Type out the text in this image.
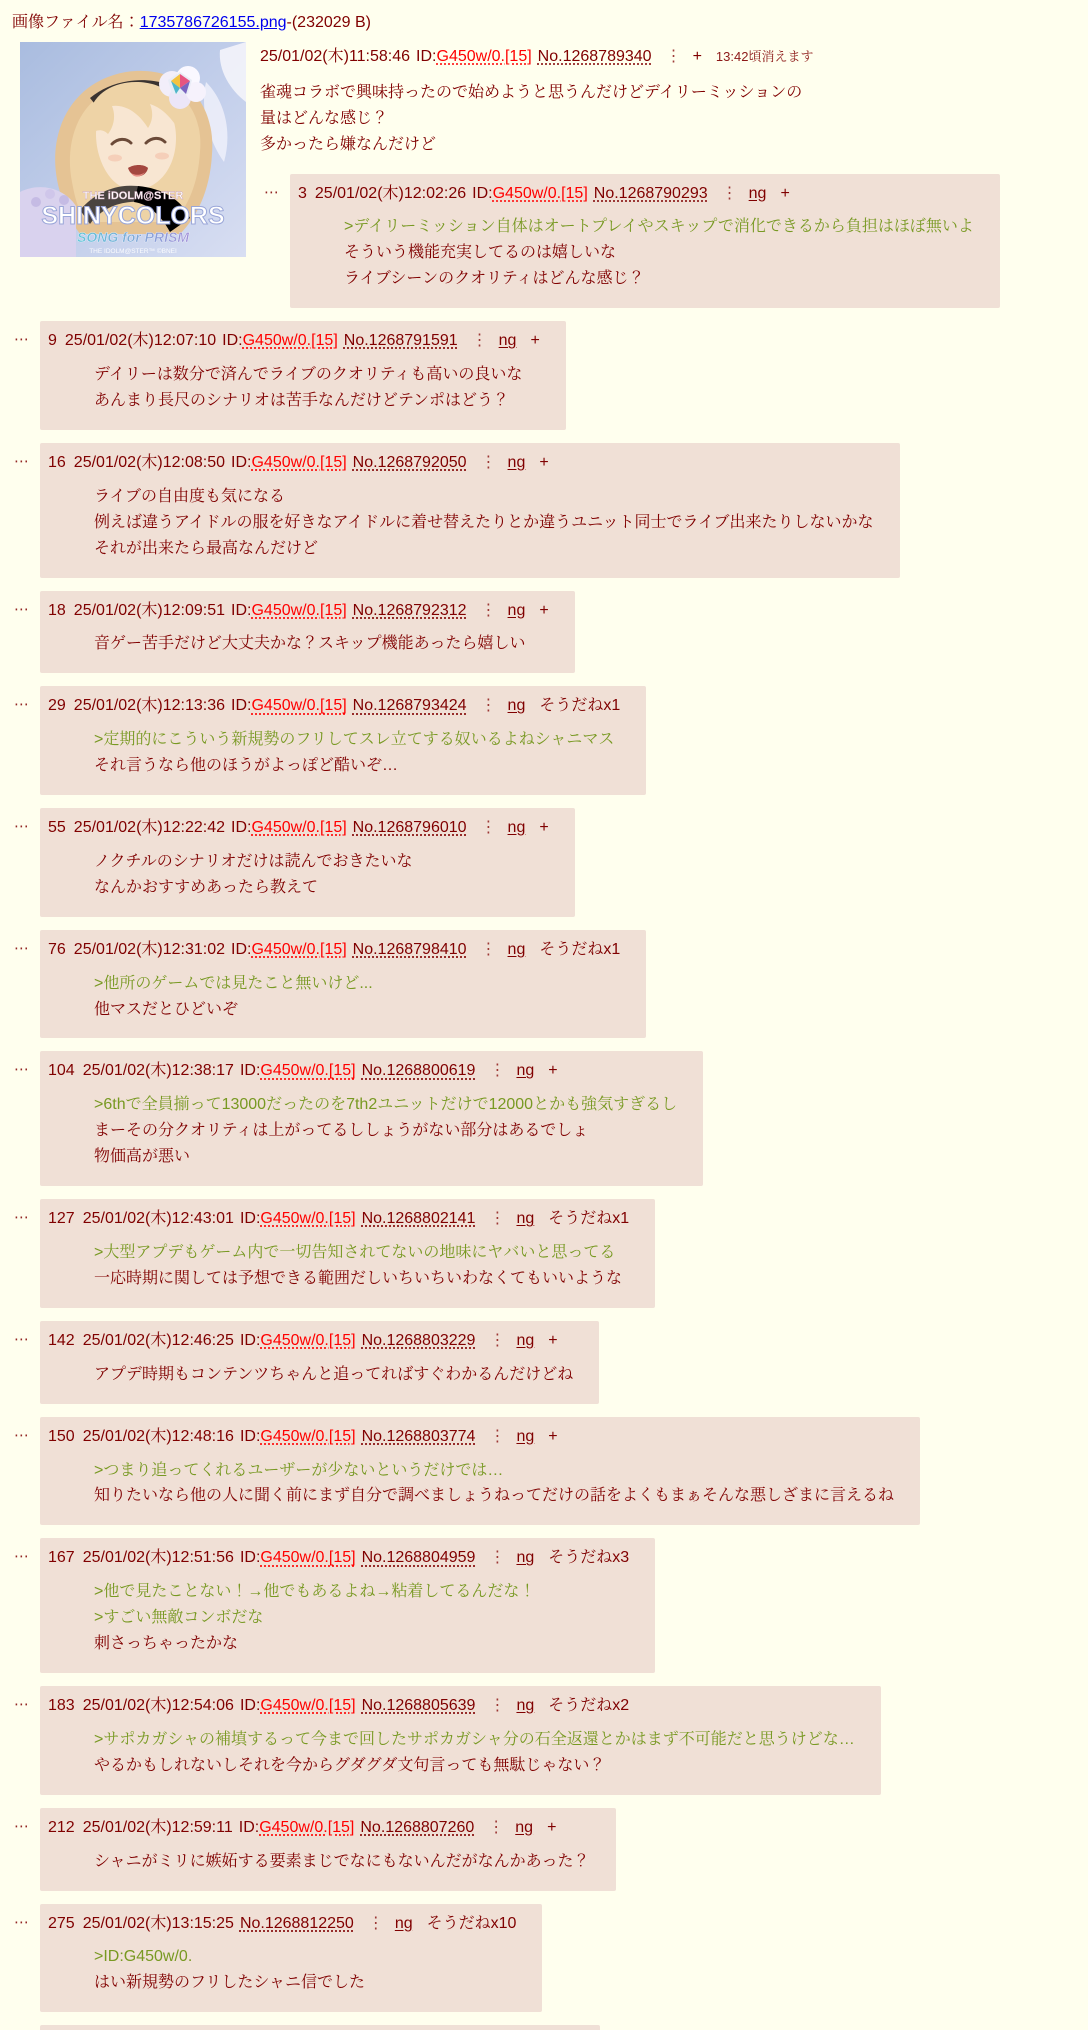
画像ファイル名：1735786726155.png-(232029 B)
THE iDOLM@STER
SHINYCOLORS
SONG for PRISM
THE IDOLM@STER™ ©BNEI
25/01/02(木)11:58:46 ID:G450w/0.[15] No.1268789340 ⋮ + 13:42頃消えます
雀魂コラボで興味持ったので始めようと思うんだけどデイリーミッションの
量はどんな感じ？
多かったら嫌なんだけど
⋯	3 25/01/02(木)12:02:26 ID:G450w/0.[15] No.1268790293 ⋮ ng +
>デイリーミッション自体はオートプレイやスキップで消化できるから負担はほぼ無いよ
そういう機能充実してるのは嬉しいな
ライブシーンのクオリティはどんな感じ？
⋯	9 25/01/02(木)12:07:10 ID:G450w/0.[15] No.1268791591 ⋮ ng +
デイリーは数分で済んでライブのクオリティも高いの良いな
あんまり長尺のシナリオは苦手なんだけどテンポはどう？
⋯	16 25/01/02(木)12:08:50 ID:G450w/0.[15] No.1268792050 ⋮ ng +
ライブの自由度も気になる
例えば違うアイドルの服を好きなアイドルに着せ替えたりとか違うユニット同士でライブ出来たりしないかな
それが出来たら最高なんだけど
⋯	18 25/01/02(木)12:09:51 ID:G450w/0.[15] No.1268792312 ⋮ ng +
音ゲー苦手だけど大丈夫かな？スキップ機能あったら嬉しい
⋯	29 25/01/02(木)12:13:36 ID:G450w/0.[15] No.1268793424 ⋮ ng そうだねx1
>定期的にこういう新規勢のフリしてスレ立てする奴いるよねシャニマス
それ言うなら他のほうがよっぽど酷いぞ…
⋯	55 25/01/02(木)12:22:42 ID:G450w/0.[15] No.1268796010 ⋮ ng +
ノクチルのシナリオだけは読んでおきたいな
なんかおすすめあったら教えて
⋯	76 25/01/02(木)12:31:02 ID:G450w/0.[15] No.1268798410 ⋮ ng そうだねx1
>他所のゲームでは見たこと無いけど...
他マスだとひどいぞ
⋯	104 25/01/02(木)12:38:17 ID:G450w/0.[15] No.1268800619 ⋮ ng +
>6thで全員揃って13000だったのを7th2ユニットだけで12000とかも強気すぎるし
まーその分クオリティは上がってるししょうがない部分はあるでしょ
物価高が悪い
⋯	127 25/01/02(木)12:43:01 ID:G450w/0.[15] No.1268802141 ⋮ ng そうだねx1
>大型アプデもゲーム内で一切告知されてないの地味にヤバいと思ってる
一応時期に関しては予想できる範囲だしいちいちいわなくてもいいような
⋯	142 25/01/02(木)12:46:25 ID:G450w/0.[15] No.1268803229 ⋮ ng +
アプデ時期もコンテンツちゃんと追ってればすぐわかるんだけどね
⋯	150 25/01/02(木)12:48:16 ID:G450w/0.[15] No.1268803774 ⋮ ng +
>つまり追ってくれるユーザーが少ないというだけでは…
知りたいなら他の人に聞く前にまず自分で調べましょうねってだけの話をよくもまぁそんな悪しざまに言えるね
⋯	167 25/01/02(木)12:51:56 ID:G450w/0.[15] No.1268804959 ⋮ ng そうだねx3
>他で見たことない！→他でもあるよね→粘着してるんだな！
>すごい無敵コンボだな
刺さっちゃったかな
⋯	183 25/01/02(木)12:54:06 ID:G450w/0.[15] No.1268805639 ⋮ ng そうだねx2
>サポカガシャの補填するって今まで回したサポカガシャ分の石全返還とかはまず不可能だと思うけどな…
やるかもしれないしそれを今からグダグダ文句言っても無駄じゃない？
⋯	212 25/01/02(木)12:59:11 ID:G450w/0.[15] No.1268807260 ⋮ ng +
シャニがミリに嫉妬する要素まじでなにもないんだがなんかあった？
⋯	275 25/01/02(木)13:15:25 No.1268812250 ⋮ ng そうだねx10
>ID:G450w/0.
はい新規勢のフリしたシャニ信でした
